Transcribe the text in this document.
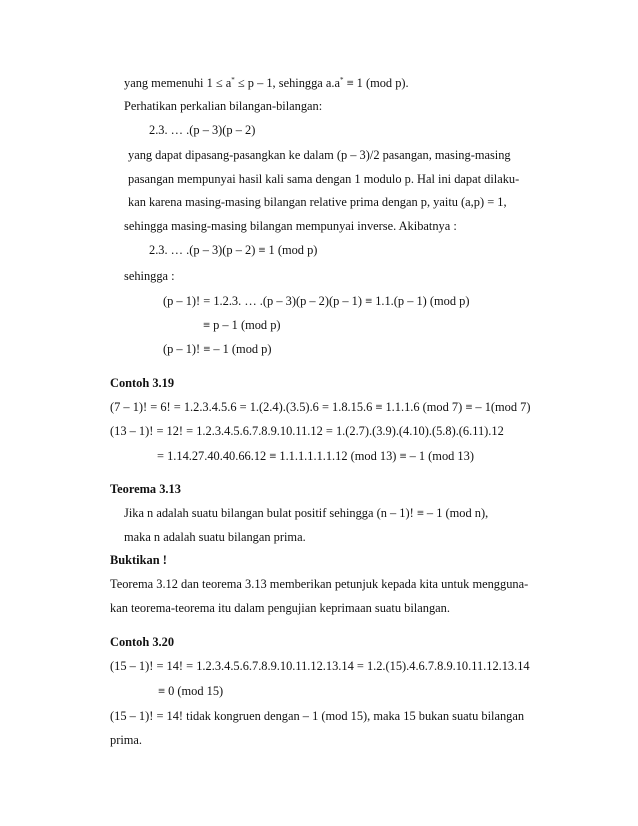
yang memenuhi 1 ≤ a* ≤ p – 1, sehingga a.a* ≡ 1 (mod p).
Perhatikan perkalian bilangan-bilangan:
2.3. … .(p – 3)(p – 2)
yang dapat dipasang-pasangkan ke dalam (p – 3)/2 pasangan, masing-masing
pasangan mempunyai hasil kali sama dengan 1 modulo p. Hal ini dapat dilaku-
kan karena masing-masing bilangan relative prima dengan p, yaitu (a,p) = 1,
sehingga masing-masing bilangan mempunyai inverse. Akibatnya :
2.3. … .(p – 3)(p – 2) ≡ 1 (mod p)
sehingga :
(p – 1)! = 1.2.3. … .(p – 3)(p – 2)(p – 1) ≡ 1.1.(p – 1) (mod p)
≡ p – 1 (mod p)
(p – 1)! ≡ – 1 (mod p)
Contoh 3.19
(7 – 1)! = 6! = 1.2.3.4.5.6 = 1.(2.4).(3.5).6 = 1.8.15.6 ≡ 1.1.1.6 (mod 7) ≡ – 1(mod 7)
(13 – 1)! = 12! = 1.2.3.4.5.6.7.8.9.10.11.12 = 1.(2.7).(3.9).(4.10).(5.8).(6.11).12
= 1.14.27.40.40.66.12 ≡ 1.1.1.1.1.1.12 (mod 13) ≡ – 1 (mod 13)
Teorema 3.13
Jika n adalah suatu bilangan bulat positif sehingga (n – 1)! ≡ – 1 (mod n),
maka n adalah suatu bilangan prima.
Buktikan !
Teorema 3.12 dan teorema 3.13 memberikan petunjuk kepada kita untuk mengguna-
kan teorema-teorema itu dalam pengujian keprimaan suatu bilangan.
Contoh 3.20
(15 – 1)! = 14! = 1.2.3.4.5.6.7.8.9.10.11.12.13.14 = 1.2.(15).4.6.7.8.9.10.11.12.13.14
≡ 0 (mod 15)
(15 – 1)! = 14! tidak kongruen dengan – 1 (mod 15), maka 15 bukan suatu bilangan
prima.
